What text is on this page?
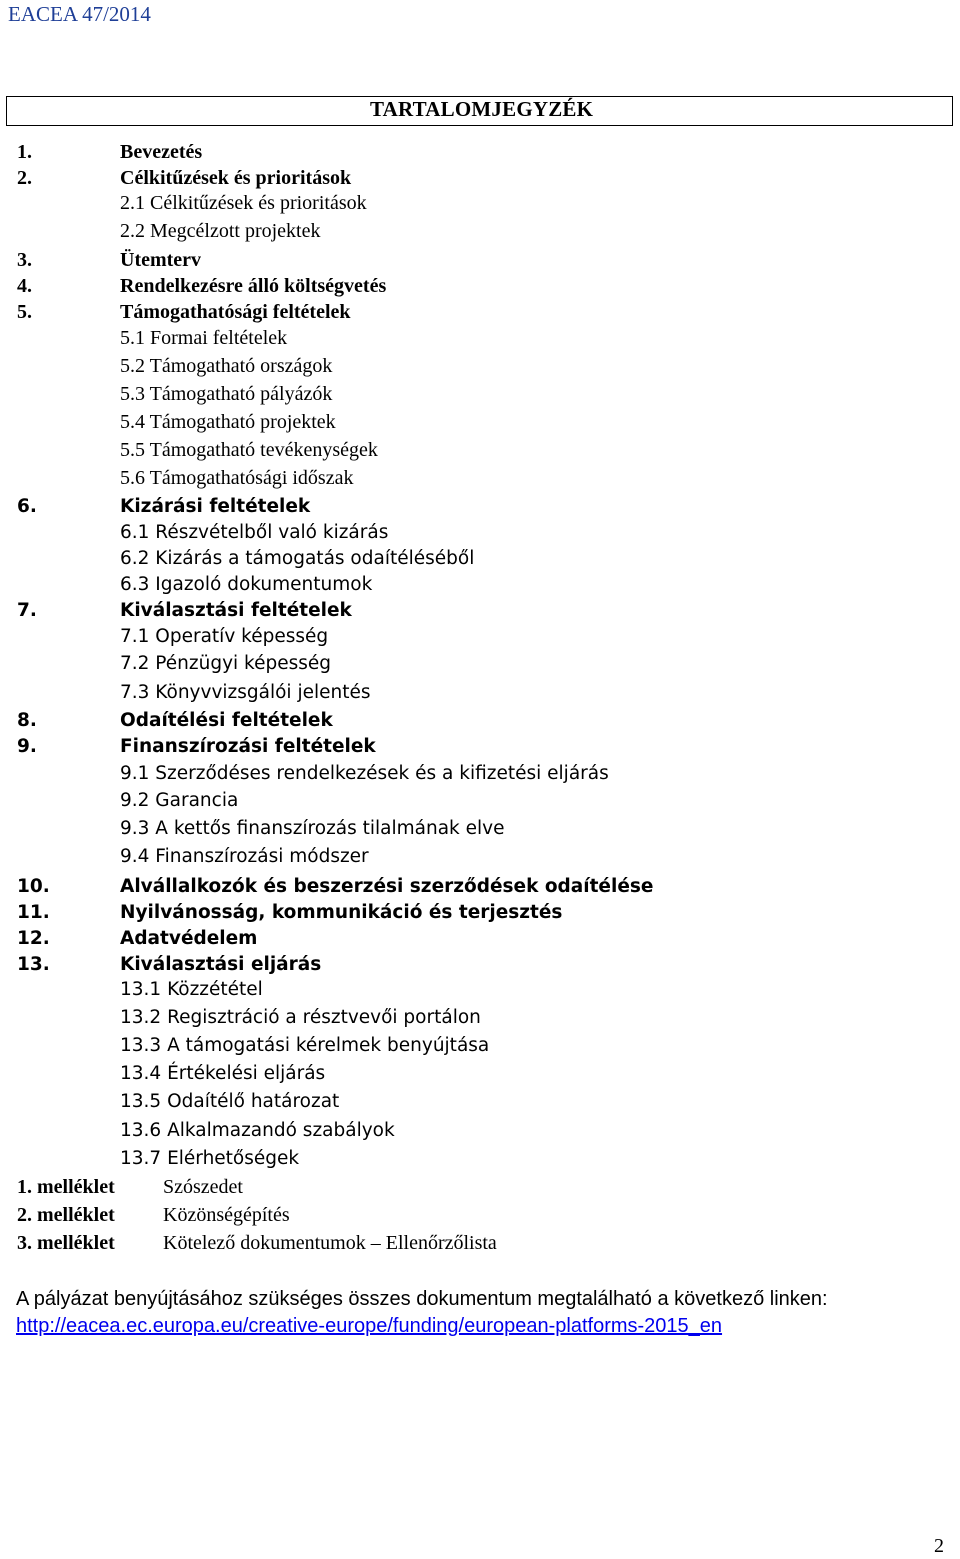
EACEA 47/2014
TARTALOMJEGYZÉK
1.	Bevezetés
2.	Célkitűzések és prioritások
2.1 Célkitűzések és prioritások
2.2 Megcélzott projektek
3.	Ütemterv
4.	Rendelkezésre álló költségvetés
5.	Támogathatósági feltételek
5.1 Formai feltételek
5.2 Támogatható országok
5.3 Támogatható pályázók
5.4 Támogatható projektek
5.5 Támogatható tevékenységek
5.6 Támogathatósági időszak
6.	Kizárási feltételek
6.1 Részvételből való kizárás
6.2 Kizárás a támogatás odaítéléséből
6.3 Igazoló dokumentumok
7.	Kiválasztási feltételek
7.1 Operatív képesség
7.2 Pénzügyi képesség
7.3 Könyvvizsgálói jelentés
8.	Odaítélési feltételek
9.	Finanszírozási feltételek
9.1 Szerződéses rendelkezések és a kifizetési eljárás
9.2 Garancia
9.3 A kettős finanszírozás tilalmának elve
9.4 Finanszírozási módszer
10.	Alvállalkozók és beszerzési szerződések odaítélése
11.	Nyilvánosság, kommunikáció és terjesztés
12.	Adatvédelem
13.	Kiválasztási eljárás
13.1 Közzététel
13.2 Regisztráció a résztvevői portálon
13.3 A támogatási kérelmek benyújtása
13.4 Értékelési eljárás
13.5 Odaítélő határozat
13.6 Alkalmazandó szabályok
13.7 Elérhetőségek
1. melléklet Szószedet
2. melléklet Közönségépítés
3. melléklet Kötelező dokumentumok – Ellenőrzőlista
A pályázat benyújtásához szükséges összes dokumentum megtalálható a következő linken:
http://eacea.ec.europa.eu/creative-europe/funding/european-platforms-2015_en
2
